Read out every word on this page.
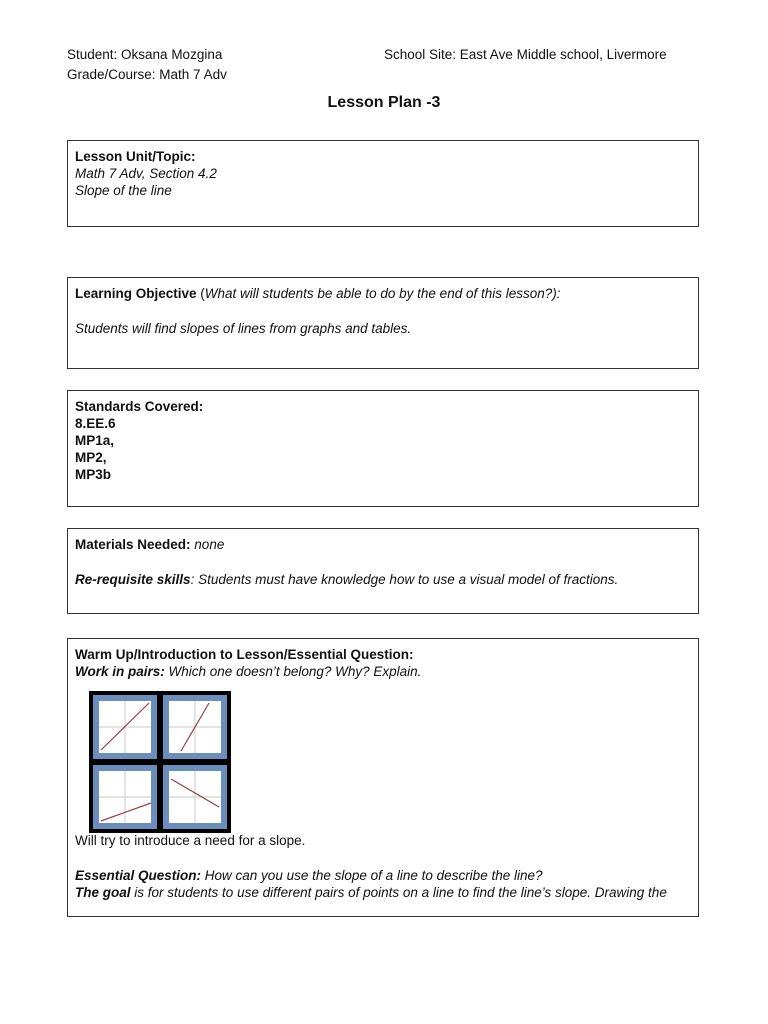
Student: Oksana Mozgina	School Site: East Ave Middle school, Livermore
Grade/Course: Math 7 Adv
Lesson Plan -3
Lesson Unit/Topic:
Math 7 Adv, Section 4.2
Slope of the line
Learning Objective (What will students be able to do by the end of this lesson?):
Students will find slopes of lines from graphs and tables.
Standards Covered:
8.EE.6
MP1a,
MP2,
MP3b
Materials Needed: none
Re-requisite skills: Students must have knowledge how to use a visual model of fractions.
Warm Up/Introduction to Lesson/Essential Question:
Work in pairs: Which one doesn’t belong? Why? Explain.
Will try to introduce a need for a slope.
Essential Question: How can you use the slope of a line to describe the line?
The goal is for students to use different pairs of points on a line to find the line’s slope. Drawing the
